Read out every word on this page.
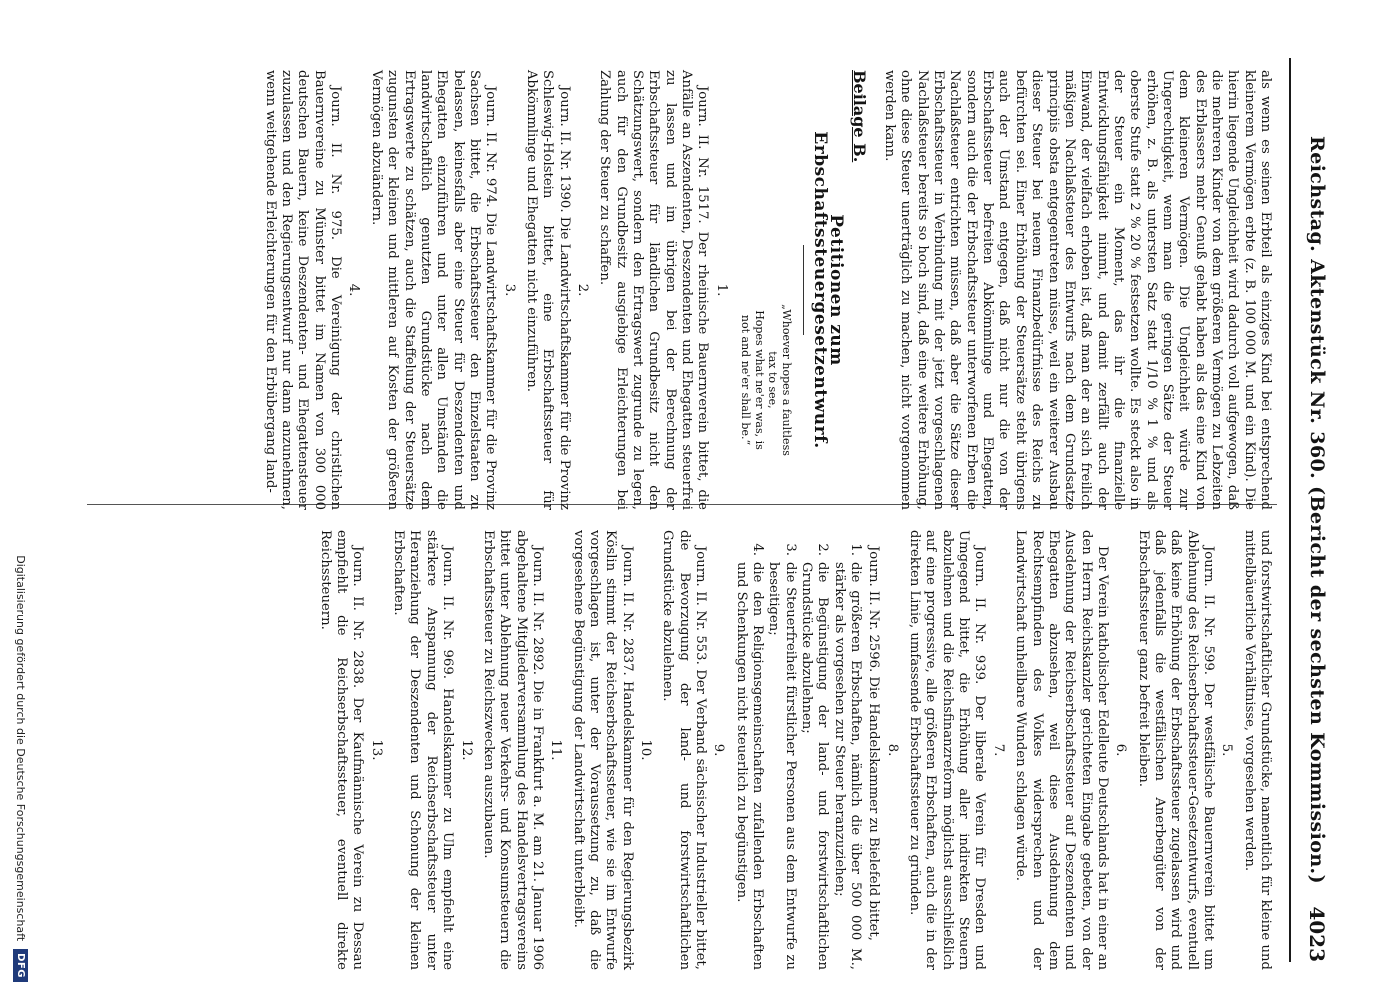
Reichstag. Aktenstück Nr. 360. (Bericht der sechsten Kommission.)
4023

als wenn es seinen Erbteil als einziges Kind bei entsprechend kleinerem Vermögen erbte (z. B. 100 000 M. und ein Kind). Die hierin liegende Ungleichheit wird dadurch voll aufgewogen, daß die mehreren Kinder von dem größeren Vermögen zu Lebzeiten des Erblassers mehr Genuß gehabt haben als das eine Kind von dem kleineren Vermögen. Die Ungleichheit würde zur Ungerechtigkeit, wenn man die geringen Sätze der Steuer erhöhen, z. B. als untersten Satz statt 1/10 % 1 % und als oberste Stufe statt 2 % 20 % festsetzen wollte. Es steckt also in der Steuer ein Moment, das ihr die finanzielle Entwicklungsfähigkeit nimmt, und damit zerfällt auch der Einwand, der vielfach erhoben ist, daß man der an sich freilich mäßigen Nachlaßsteuer des Entwurfs nach dem Grundsatze principiis obsta entgegentreten müsse, weil ein weiterer Ausbau dieser Steuer bei neuem Finanzbedürfnisse des Reichs zu befürchten sei. Einer Erhöhung der Steuersätze steht übrigens auch der Umstand entgegen, daß nicht nur die von der Erbschaftssteuer befreiten Abkömmlinge und Ehegatten, sondern auch die der Erbschaftssteuer unterworfenen Erben die Nachlaßsteuer entrichten müssen, daß aber die Sätze dieser Erbschaftssteuer in Verbindung mit der jetzt vorgeschlagenen Nachlaßsteuer bereits so hoch sind, daß eine weitere Erhöhung, ohne diese Steuer unerträglich zu machen, nicht vorgenommen werden kann.

Beilage B.
Petitionen zum Erbschaftssteuergesetzentwurf.
„Whoever hopes a faultless
tax to see,
Hopes what ne'er was, is
not and ne'er shall be.“
1.

Journ. II. Nr. 1517. Der rheinische Bauernverein bittet, die Anfälle an Aszendenten, Deszendenten und Ehegatten steuerfrei zu lassen und im übrigen bei der Berechnung der Erbschaftssteuer für ländlichen Grundbesitz nicht den Schätzungswert, sondern den Ertragswert zugrunde zu legen, auch für den Grundbesitz ausgiebige Erleichterungen bei Zahlung der Steuer zu schaffen.

2.

Journ. II. Nr. 1390. Die Landwirtschaftskammer für die Provinz Schleswig-Holstein bittet, eine Erbschaftssteuer für Abkömmlinge und Ehegatten nicht einzuführen.

3.

Journ. II. Nr. 974. Die Landwirtschaftskammer für die Provinz Sachsen bittet, die Erbschaftssteuer den Einzelstaaten zu belassen, keinesfalls aber eine Steuer für Deszendenten und Ehegatten einzuführen und unter allen Umständen die landwirtschaftlich genutzten Grundstücke nach dem Ertragswerte zu schätzen, auch die Staffelung der Steuersätze zugunsten der kleinen und mittleren auf Kosten der größeren Vermögen abzuändern.

4.

Journ. II. Nr. 975. Die Vereinigung der christlichen Bauernvereine zu Münster bittet im Namen von 300 000 deutschen Bauern, keine Deszendenten- und Ehegattensteuer zuzulassen und den Regierungsentwurf nur dann anzunehmen, wenn weitgehende Erleichterungen für den Erbübergang land-

und forstwirtschaftlicher Grundstücke, namentlich für kleine und mittelbäuerliche Verhältnisse, vorgesehen werden.

5.

Journ. II. Nr. 599. Der westfälische Bauernverein bittet um Ablehnung des Reichserbschaftssteuer-Gesetzentwurfs, eventuell daß keine Erhöhung der Erbschaftssteuer zugelassen wird und daß jedenfalls die westfälischen Anerbengüter von der Erbschaftssteuer ganz befreit bleiben.

6.

Der Verein katholischer Edelleute Deutschlands hat in einer an den Herrn Reichskanzler gerichteten Eingabe gebeten, von der Ausdehnung der Reichserbschaftssteuer auf Deszendenten und Ehegatten abzusehen, weil diese Ausdehnung dem Rechtsempfinden des Volkes widersprechen und der Landwirtschaft unheilbare Wunden schlagen würde.

7.

Journ. II. Nr. 939. Der liberale Verein für Dresden und Umgegend bittet, die Erhöhung aller indirekten Steuern abzulehnen und die Reichsfinanzreform möglichst ausschließlich auf eine progressive, alle größeren Erbschaften, auch die in der direkten Linie, umfassende Erbschaftssteuer zu gründen.

8.

Journ. II. Nr. 2596. Die Handelskammer zu Bielefeld bittet,

1.
die größeren Erbschaften, nämlich die über 500 000 M., stärker als vorgesehen zur Steuer heranzuziehen;
2.
die Begünstigung der land- und forstwirtschaftlichen Grundstücke abzulehnen;
3.
die Steuerfreiheit fürstlicher Personen aus dem Entwurfe zu beseitigen;
4.
die den Religionsgemeinschaften zufallenden Erbschaften und Schenkungen nicht steuerlich zu begünstigen.
9.

Journ. II. Nr. 553. Der Verband sächsischer Industrieller bittet, die Bevorzugung der land- und forstwirtschaftlichen Grundstücke abzulehnen.

10.

Journ. II. Nr. 2837. Handelskammer für den Regierungsbezirk Köslin stimmt der Reichserbschaftssteuer, wie sie im Entwurfe vorgeschlagen ist, unter der Voraussetzung zu, daß die vorgesehene Begünstigung der Landwirtschaft unterbleibt.

11.

Journ. II. Nr. 2892. Die in Frankfurt a. M. am 21. Januar 1906 abgehaltene Mitgliederversammlung des Handelsvertragsvereins bittet unter Ablehnung neuer Verkehrs- und Konsumsteuern die Erbschaftssteuer zu Reichszwecken auszubauen.

12.

Journ. II. Nr. 969. Handelskammer zu Ulm empfiehlt eine stärkere Anspannung der Reichserbschaftssteuer unter Heranziehung der Deszendenten und Schonung der kleinen Erbschaften.

13.

Journ. II. Nr. 2838. Der Kaufmännische Verein zu Dessau empfiehlt die Reichserbschaftssteuer, eventuell direkte Reichssteuern.

Digitalisierung gefördert durch die Deutsche Forschungsgemeinschaft
DFG
